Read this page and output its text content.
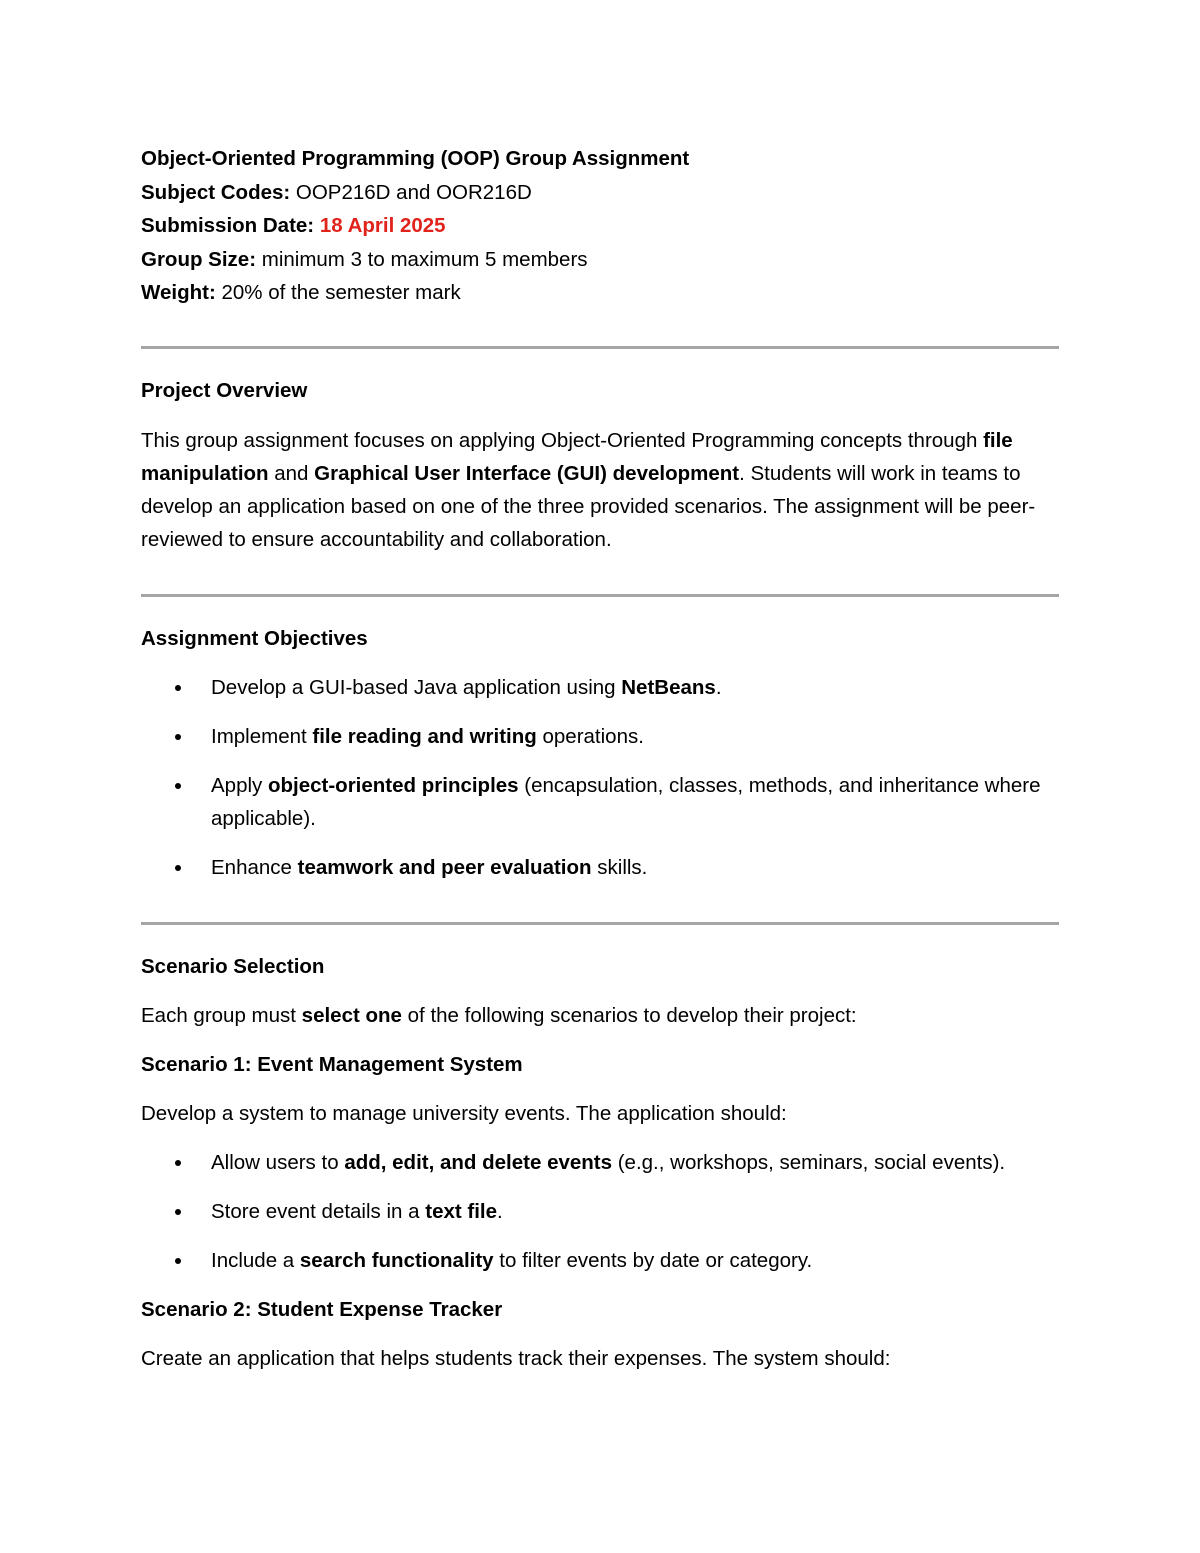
Object-Oriented Programming (OOP) Group Assignment

Subject Codes: OOP216D and OOR216D

Submission Date: 18 April 2025

Group Size: minimum 3 to maximum 5 members

Weight: 20% of the semester mark

Project Overview

This group assignment focuses on applying Object-Oriented Programming concepts through file manipulation and Graphical User Interface (GUI) development. Students will work in teams to develop an application based on one of the three provided scenarios. The assignment will be peer-reviewed to ensure accountability and collaboration.

Assignment Objectives

Develop a GUI-based Java application using NetBeans.
Implement file reading and writing operations.
Apply object-oriented principles (encapsulation, classes, methods, and inheritance where applicable).
Enhance teamwork and peer evaluation skills.

Scenario Selection

Each group must select one of the following scenarios to develop their project:

Scenario 1: Event Management System

Develop a system to manage university events. The application should:

Allow users to add, edit, and delete events (e.g., workshops, seminars, social events).
Store event details in a text file.
Include a search functionality to filter events by date or category.

Scenario 2: Student Expense Tracker

Create an application that helps students track their expenses. The system should:
